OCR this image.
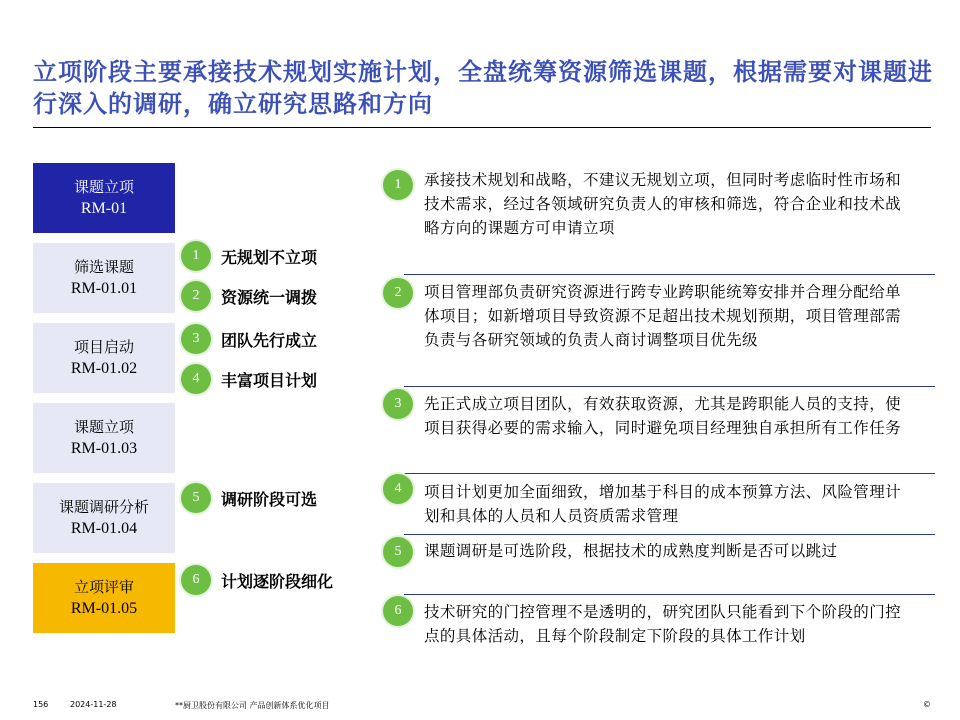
立项阶段主要承接技术规划实施计划，全盘统筹资源筛选课题，根据需要对课题进行深入的调研，确立研究思路和方向
课题立项
RM-01
筛选课题
RM-01.01
项目启动
RM-01.02
课题立项
RM-01.03
课题调研分析
RM-01.04
立项评审
RM-01.05
1	无规划不立项
2	资源统一调拨
3	团队先行成立
4	丰富项目计划
5	调研阶段可选
6	计划逐阶段细化
1	承接技术规划和战略，不建议无规划立项，但同时考虑临时性市场和技术需求，经过各领域研究负责人的审核和筛选，符合企业和技术战略方向的课题方可申请立项
2	项目管理部负责研究资源进行跨专业跨职能统筹安排并合理分配给单体项目；如新增项目导致资源不足超出技术规划预期，项目管理部需负责与各研究领域的负责人商讨调整项目优先级
3	先正式成立项目团队，有效获取资源，尤其是跨职能人员的支持，使项目获得必要的需求输入，同时避免项目经理独自承担所有工作任务
4	项目计划更加全面细致，增加基于科目的成本预算方法、风险管理计划和具体的人员和人员资质需求管理
5	课题调研是可选阶段，根据技术的成熟度判断是否可以跳过
6	技术研究的门控管理不是透明的，研究团队只能看到下个阶段的门控点的具体活动，且每个阶段制定下阶段的具体工作计划
156	2024-11-28	**厨卫股份有限公司 产品创新体系优化项目	©
